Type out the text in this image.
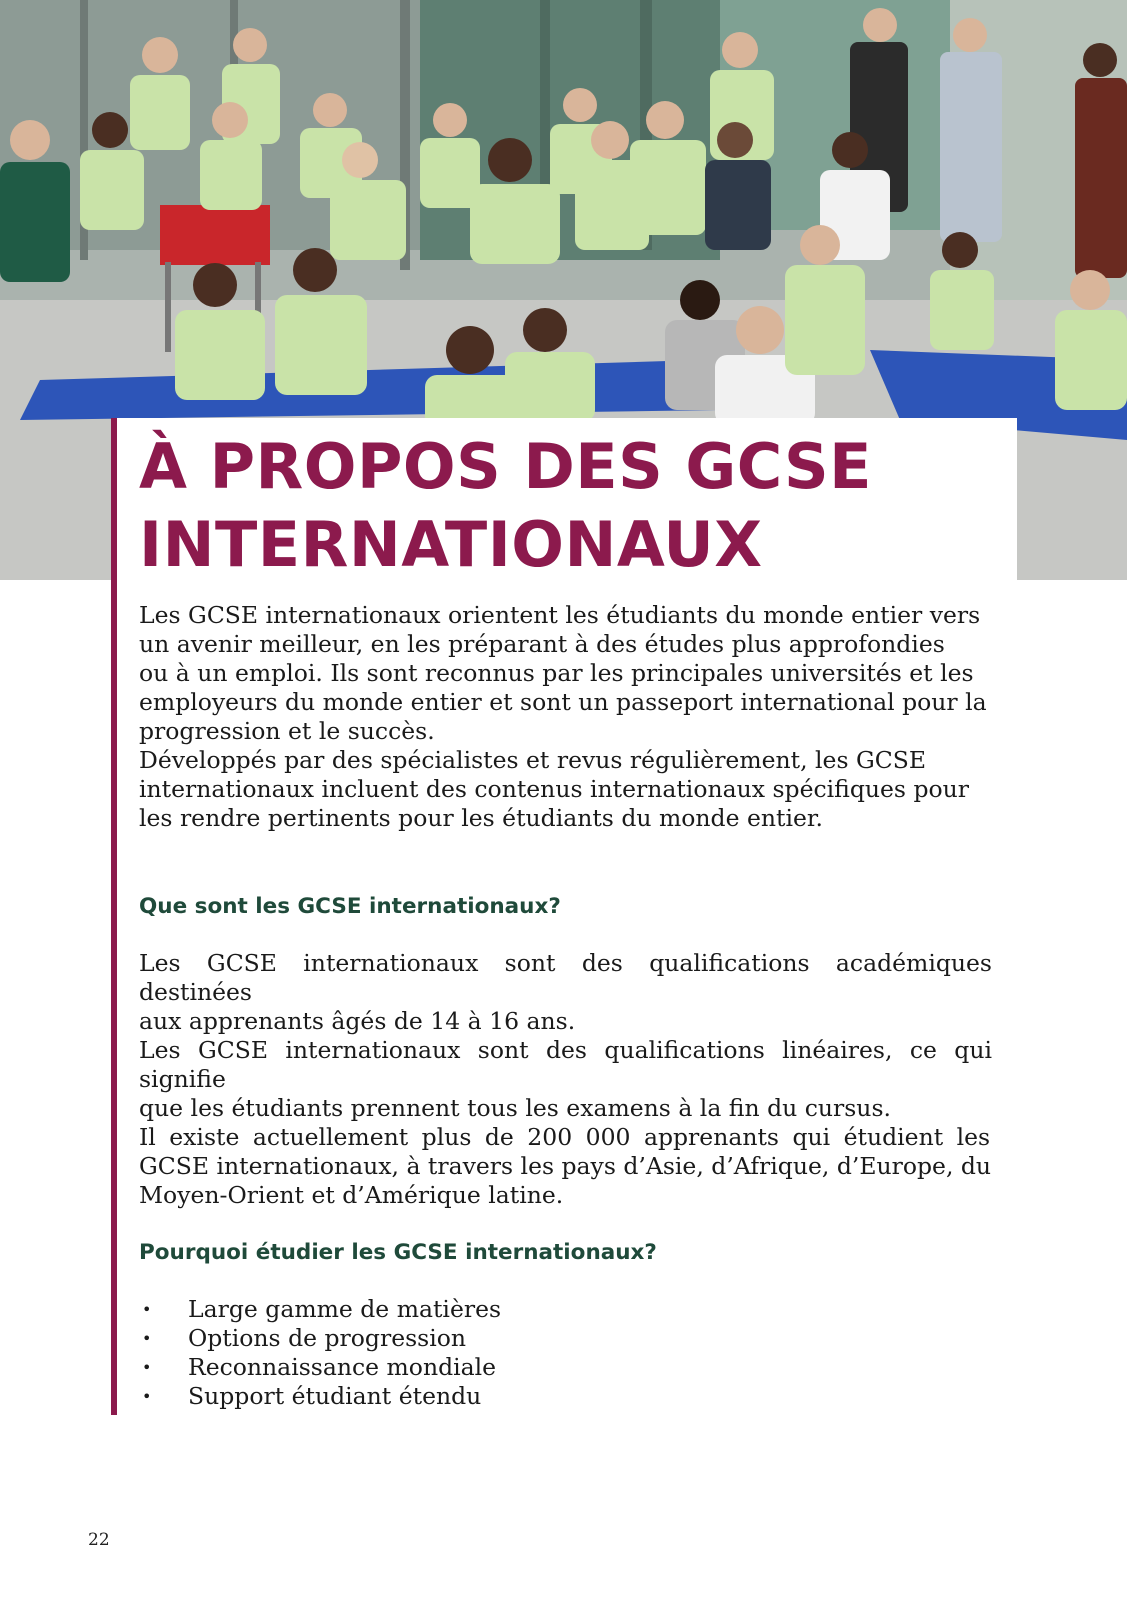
À PROPOS DES GCSE
INTERNATIONAUX

Les GCSE internationaux orientent les étudiants du monde entier vers
un avenir meilleur, en les préparant à des études plus approfondies
ou à un emploi. Ils sont reconnus par les principales universités et les
employeurs du monde entier et sont un passeport international pour la
progression et le succès.

Développés par des spécialistes et revus régulièrement, les GCSE
internationaux incluent des contenus internationaux spécifiques pour
les rendre pertinents pour les étudiants du monde entier.

Que sont les GCSE internationaux?

Les GCSE internationaux sont des qualifications académiques destinées
aux apprenants âgés de 14 à 16 ans.
Les GCSE internationaux sont des qualifications linéaires, ce qui signifie
que les étudiants prennent tous les examens à la fin du cursus.
Il existe actuellement plus de 200 000 apprenants qui étudient les
GCSE internationaux, à travers les pays d’Asie, d’Afrique, d’Europe, du
Moyen-Orient et d’Amérique latine.

Pourquoi étudier les GCSE internationaux?
• Large gamme de matières
• Options de progression
• Reconnaissance mondiale
• Support étudiant étendu
22
